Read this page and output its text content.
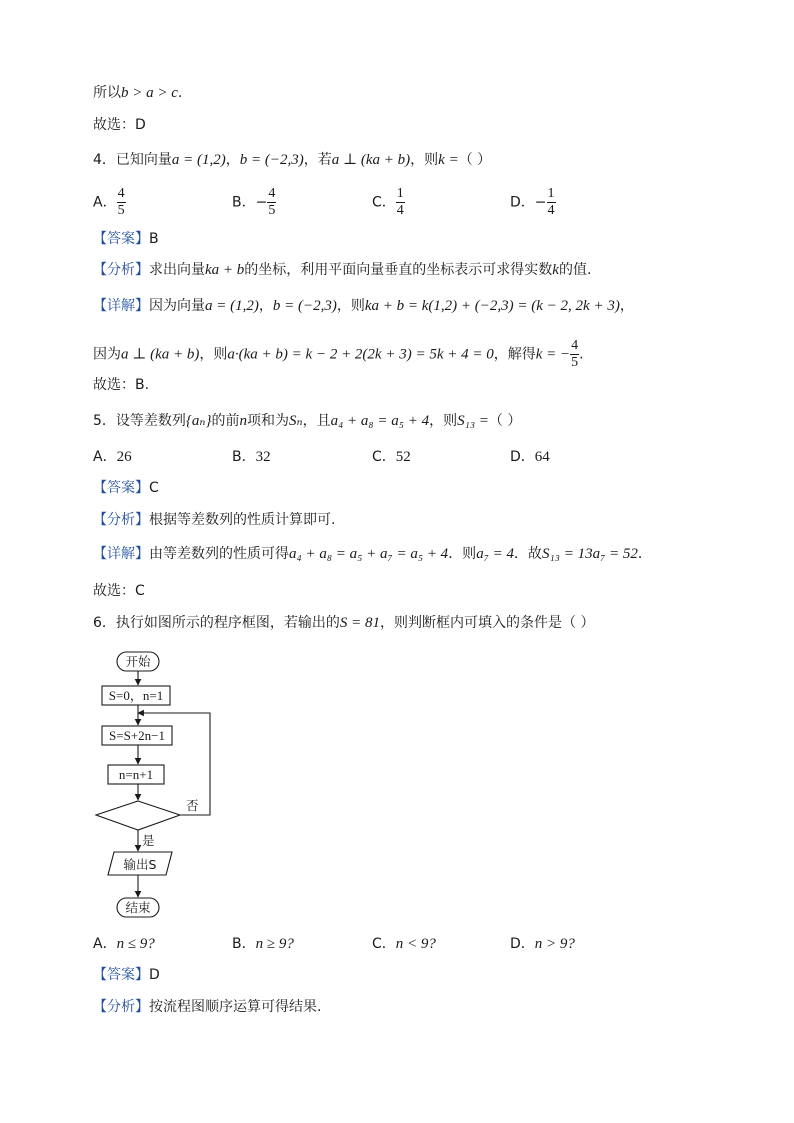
所以b > a > c.
故选：D
4．已知向量a = (1,2)，b = (−2,3)，若a ⊥ (ka + b)，则k =（ ）
A． $\frac{4}{5}$	B．− $\frac{4}{5}$	C． $\frac{1}{4}$	D．− $\frac{1}{4}$
【答案】B
【分析】求出向量ka + b的坐标，利用平面向量垂直的坐标表示可求得实数k的值.
【详解】因为向量a = (1,2)，b = (−2,3)，则ka + b = k(1,2) + (−2,3) = (k − 2, 2k + 3)，
因为a ⊥ (ka + b)，则a·(ka + b) = k − 2 + 2(2k + 3) = 5k + 4 = 0，解得k = − $\frac{4}{5}$ .
故选：B.
5．设等差数列{aₙ}的前n项和为Sₙ，且a₄ + a₈ = a₅ + 4，则S₁₃ =（ ）
A．26	B．32	C．52	D．64
【答案】C
【分析】根据等差数列的性质计算即可.
【详解】由等差数列的性质可得a₄ + a₈ = a₅ + a₇ = a₅ + 4．则a₇ = 4．故S₁₃ = 13a₇ = 52．
故选：C
6．执行如图所示的程序框图，若输出的S = 81，则判断框内可填入的条件是（ ）
开始
S=0，n=1
S=S+2n−1
n=n+1
否
是
输出S
结束
A．n ≤ 9?	B．n ≥ 9?	C．n < 9?	D．n > 9?
【答案】D
【分析】按流程图顺序运算可得结果.
